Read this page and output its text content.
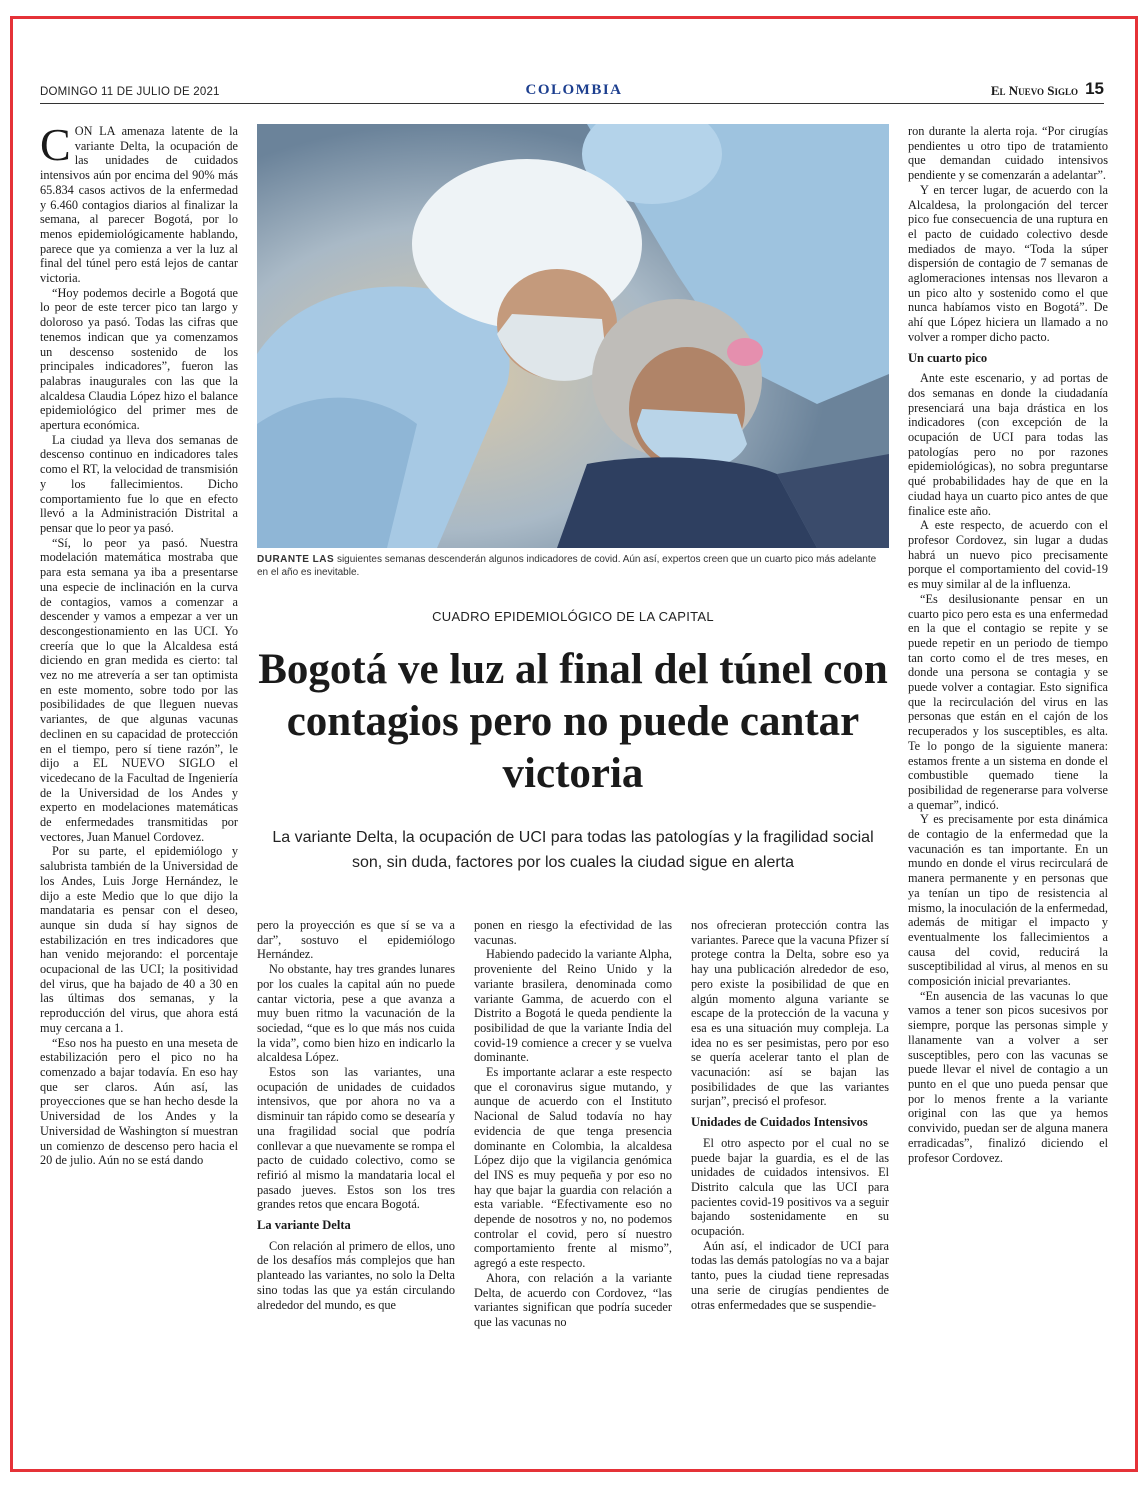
DOMINGO 11 DE JULIO DE 2021	COLOMBIA	El Nuevo Siglo 15

CON LA amenaza latente de la variante Delta, la ocupación de las unidades de cuidados intensivos aún por encima del 90% más 65.834 casos activos de la enfermedad y 6.460 contagios diarios al finalizar la semana, al parecer Bogotá, por lo menos epidemiológicamente hablando, parece que ya comienza a ver la luz al final del túnel pero está lejos de cantar victoria.

“Hoy podemos decirle a Bogotá que lo peor de este tercer pico tan largo y doloroso ya pasó. Todas las cifras que tenemos indican que ya comenzamos un descenso sostenido de los principales indicadores”, fueron las palabras inaugurales con las que la alcaldesa Claudia López hizo el balance epidemiológico del primer mes de apertura económica.

La ciudad ya lleva dos semanas de descenso continuo en indicadores tales como el RT, la velocidad de transmisión y los fallecimientos. Dicho comportamiento fue lo que en efecto llevó a la Administración Distrital a pensar que lo peor ya pasó.

“Sí, lo peor ya pasó. Nuestra modelación matemática mostraba que para esta semana ya iba a presentarse una especie de inclinación en la curva de contagios, vamos a comenzar a descender y vamos a empezar a ver un descongestionamiento en las UCI. Yo creería que lo que la Alcaldesa está diciendo en gran medida es cierto: tal vez no me atrevería a ser tan optimista en este momento, sobre todo por las posibilidades de que lleguen nuevas variantes, de que algunas vacunas declinen en su capacidad de protección en el tiempo, pero sí tiene razón”, le dijo a EL NUEVO SIGLO el vicedecano de la Facultad de Ingeniería de la Universidad de los Andes y experto en modelaciones matemáticas de enfermedades transmitidas por vectores, Juan Manuel Cordovez.

Por su parte, el epidemiólogo y salubrista también de la Universidad de los Andes, Luis Jorge Hernández, le dijo a este Medio que lo que dijo la mandataria es pensar con el deseo, aunque sin duda sí hay signos de estabilización en tres indicadores que han venido mejorando: el porcentaje ocupacional de las UCI; la positividad del virus, que ha bajado de 40 a 30 en las últimas dos semanas, y la reproducción del virus, que ahora está muy cercana a 1.

“Eso nos ha puesto en una meseta de estabilización pero el pico no ha comenzado a bajar todavía. En eso hay que ser claros. Aún así, las proyecciones que se han hecho desde la Universidad de los Andes y la Universidad de Washington sí muestran un comienzo de descenso pero hacia el 20 de julio. Aún no se está dando

DURANTE LAS siguientes semanas descenderán algunos indicadores de covid. Aún así, expertos creen que un cuarto pico más adelante en el año es inevitable.
CUADRO EPIDEMIOLÓGICO DE LA CAPITAL
Bogotá ve luz al final del túnel con contagios pero no puede cantar victoria
La variante Delta, la ocupación de UCI para todas las patologías y la fragilidad social son, sin duda, factores por los cuales la ciudad sigue en alerta

pero la proyección es que sí se va a dar”, sostuvo el epidemiólogo Hernández.

No obstante, hay tres grandes lunares por los cuales la capital aún no puede cantar victoria, pese a que avanza a muy buen ritmo la vacunación de la sociedad, “que es lo que más nos cuida la vida”, como bien hizo en indicarlo la alcaldesa López.

Estos son las variantes, una ocupación de unidades de cuidados intensivos, que por ahora no va a disminuir tan rápido como se desearía y una fragilidad social que podría conllevar a que nuevamente se rompa el pacto de cuidado colectivo, como se refirió al mismo la mandataria local el pasado jueves. Estos son los tres grandes retos que encara Bogotá.

La variante Delta

Con relación al primero de ellos, uno de los desafíos más complejos que han planteado las variantes, no solo la Delta sino todas las que ya están circulando alrededor del mundo, es que

ponen en riesgo la efectividad de las vacunas.

Habiendo padecido la variante Alpha, proveniente del Reino Unido y la variante brasilera, denominada como variante Gamma, de acuerdo con el Distrito a Bogotá le queda pendiente la posibilidad de que la variante India del covid-19 comience a crecer y se vuelva dominante.

Es importante aclarar a este respecto que el coronavirus sigue mutando, y aunque de acuerdo con el Instituto Nacional de Salud todavía no hay evidencia de que tenga presencia dominante en Colombia, la alcaldesa López dijo que la vigilancia genómica del INS es muy pequeña y por eso no hay que bajar la guardia con relación a esta variable. “Efectivamente eso no depende de nosotros y no, no podemos controlar el covid, pero sí nuestro comportamiento frente al mismo”, agregó a este respecto.

Ahora, con relación a la variante Delta, de acuerdo con Cordovez, “las variantes significan que podría suceder que las vacunas no

nos ofrecieran protección contra las variantes. Parece que la vacuna Pfizer sí protege contra la Delta, sobre eso ya hay una publicación alrededor de eso, pero existe la posibilidad de que en algún momento alguna variante se escape de la protección de la vacuna y esa es una situación muy compleja. La idea no es ser pesimistas, pero por eso se quería acelerar tanto el plan de vacunación: así se bajan las posibilidades de que las variantes surjan”, precisó el profesor.

Unidades de Cuidados Intensivos

El otro aspecto por el cual no se puede bajar la guardia, es el de las unidades de cuidados intensivos. El Distrito calcula que las UCI para pacientes covid-19 positivos va a seguir bajando sostenidamente en su ocupación.

Aún así, el indicador de UCI para todas las demás patologías no va a bajar tanto, pues la ciudad tiene represadas una serie de cirugías pendientes de otras enfermedades que se suspendie-

ron durante la alerta roja. “Por cirugías pendientes u otro tipo de tratamiento que demandan cuidado intensivos pendiente y se comenzarán a adelantar”.

Y en tercer lugar, de acuerdo con la Alcaldesa, la prolongación del tercer pico fue consecuencia de una ruptura en el pacto de cuidado colectivo desde mediados de mayo. “Toda la súper dispersión de contagio de 7 semanas de aglomeraciones intensas nos llevaron a un pico alto y sostenido como el que nunca habíamos visto en Bogotá”. De ahí que López hiciera un llamado a no volver a romper dicho pacto.

Un cuarto pico

Ante este escenario, y ad portas de dos semanas en donde la ciudadanía presenciará una baja drástica en los indicadores (con excepción de la ocupación de UCI para todas las patologías pero no por razones epidemiológicas), no sobra preguntarse qué probabilidades hay de que en la ciudad haya un cuarto pico antes de que finalice este año.

A este respecto, de acuerdo con el profesor Cordovez, sin lugar a dudas habrá un nuevo pico precisamente porque el comportamiento del covid-19 es muy similar al de la influenza.

“Es desilusionante pensar en un cuarto pico pero esta es una enfermedad en la que el contagio se repite y se puede repetir en un periodo de tiempo tan corto como el de tres meses, en donde una persona se contagia y se puede volver a contagiar. Esto significa que la recirculación del virus en las personas que están en el cajón de los recuperados y los susceptibles, es alta. Te lo pongo de la siguiente manera: estamos frente a un sistema en donde el combustible quemado tiene la posibilidad de regenerarse para volverse a quemar”, indicó.

Y es precisamente por esta dinámica de contagio de la enfermedad que la vacunación es tan importante. En un mundo en donde el virus recirculará de manera permanente y en personas que ya tenían un tipo de resistencia al mismo, la inoculación de la enfermedad, además de mitigar el impacto y eventualmente los fallecimientos a causa del covid, reducirá la susceptibilidad al virus, al menos en su composición inicial prevariantes.

“En ausencia de las vacunas lo que vamos a tener son picos sucesivos por siempre, porque las personas simple y llanamente van a volver a ser susceptibles, pero con las vacunas se puede llevar el nivel de contagio a un punto en el que uno pueda pensar que por lo menos frente a la variante original con las que ya hemos convivido, puedan ser de alguna manera erradicadas”, finalizó diciendo el profesor Cordovez.
